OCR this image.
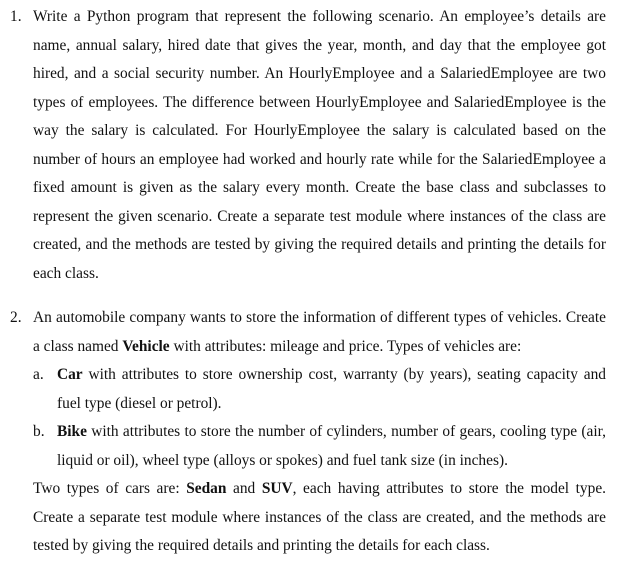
1. Write a Python program that represent the following scenario. An employee’s details are name, annual salary, hired date that gives the year, month, and day that the employee got hired, and a social security number. An HourlyEmployee and a SalariedEmployee are two types of employees. The difference between HourlyEmployee and SalariedEmployee is the way the salary is calculated. For HourlyEmployee the salary is calculated based on the number of hours an employee had worked and hourly rate while for the SalariedEmployee a fixed amount is given as the salary every month. Create the base class and subclasses to represent the given scenario. Create a separate test module where instances of the class are created, and the methods are tested by giving the required details and printing the details for each class.
2. An automobile company wants to store the information of different types of vehicles. Create a class named Vehicle with attributes: mileage and price. Types of vehicles are:
a. Car with attributes to store ownership cost, warranty (by years), seating capacity and fuel type (diesel or petrol).
b. Bike with attributes to store the number of cylinders, number of gears, cooling type (air, liquid or oil), wheel type (alloys or spokes) and fuel tank size (in inches).
Two types of cars are: Sedan and SUV, each having attributes to store the model type. Create a separate test module where instances of the class are created, and the methods are tested by giving the required details and printing the details for each class.
